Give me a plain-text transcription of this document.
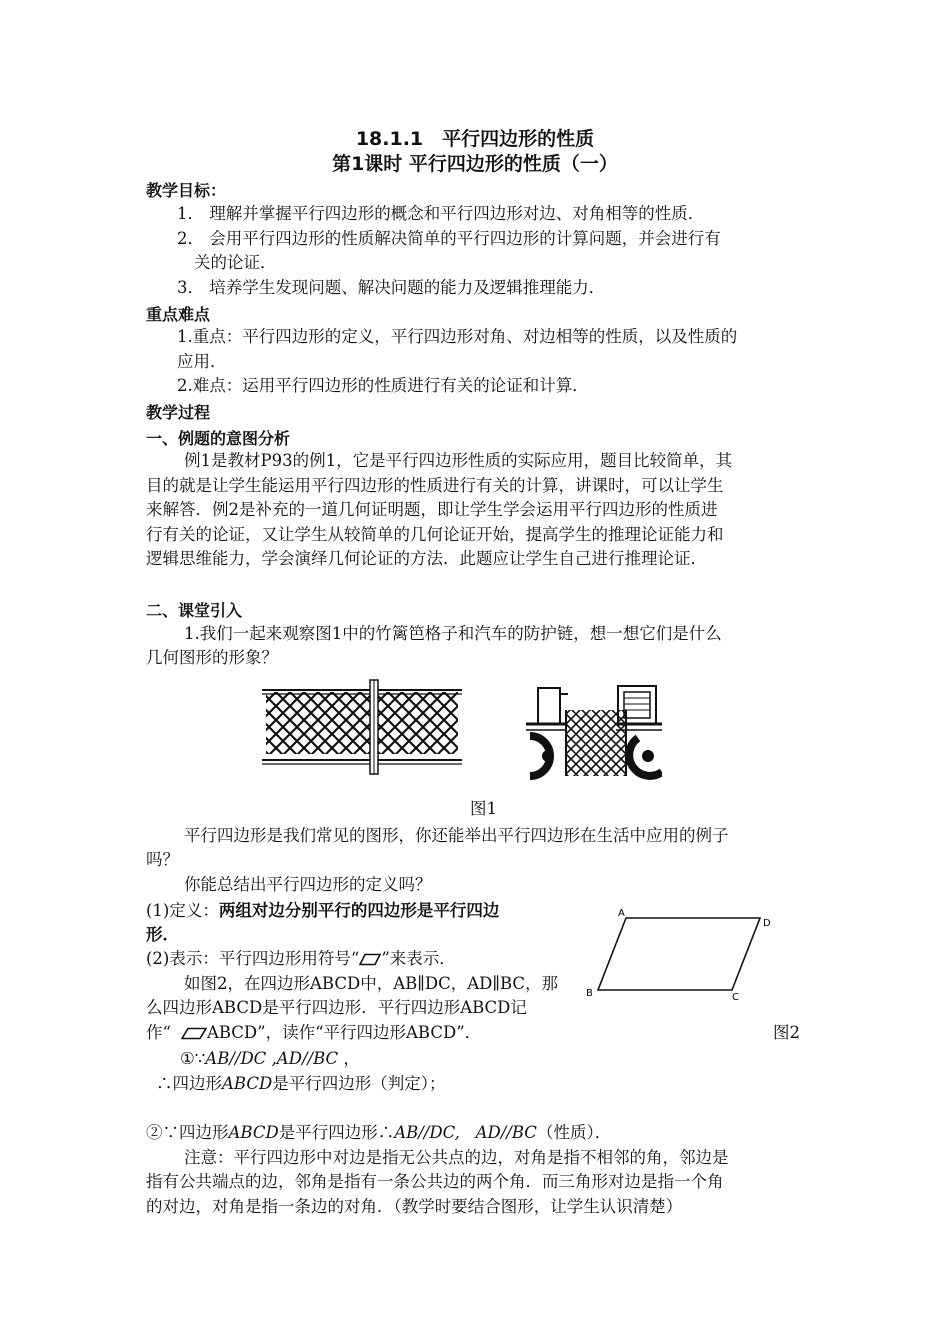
18.1.1　平行四边形的性质
第1课时 平行四边形的性质（一）
教学目标：
1． 理解并掌握平行四边形的概念和平行四边形对边、对角相等的性质．
2． 会用平行四边形的性质解决简单的平行四边形的计算问题，并会进行有
关的论证．
3． 培养学生发现问题、解决问题的能力及逻辑推理能力．
重点难点
1.重点：平行四边形的定义，平行四边形对角、对边相等的性质，以及性质的
应用．
2.难点：运用平行四边形的性质进行有关的论证和计算．
教学过程
一、例题的意图分析
例1是教材P93的例1，它是平行四边形性质的实际应用，题目比较简单，其
目的就是让学生能运用平行四边形的性质进行有关的计算，讲课时，可以让学生
来解答．例2是补充的一道几何证明题，即让学生学会运用平行四边形的性质进
行有关的论证，又让学生从较简单的几何论证开始，提高学生的推理论证能力和
逻辑思维能力，学会演绎几何论证的方法．此题应让学生自己进行推理论证．
二、课堂引入
1.我们一起来观察图1中的竹篱笆格子和汽车的防护链，想一想它们是什么
几何图形的形象？
图1
平行四边形是我们常见的图形，你还能举出平行四边形在生活中应用的例子
吗？
你能总结出平行四边形的定义吗？
(1)定义：两组对边分别平行的四边形是平行四边
形．
(2)表示：平行四边形用符号“ ”来表示．
如图2，在四边形ABCD中，AB∥DC，AD∥BC，那
么四边形ABCD是平行四边形．平行四边形ABCD记
作“ ABCD”，读作“平行四边形ABCD”．
A
D
B	C
图2
①∵AB//DC ,AD//BC ，
∴四边形ABCD是平行四边形（判定）；
②∵四边形ABCD是平行四边形∴AB//DC,   AD//BC（性质）．
注意：平行四边形中对边是指无公共点的边，对角是指不相邻的角，邻边是
指有公共端点的边，邻角是指有一条公共边的两个角．而三角形对边是指一个角
的对边，对角是指一条边的对角．（教学时要结合图形，让学生认识清楚）
